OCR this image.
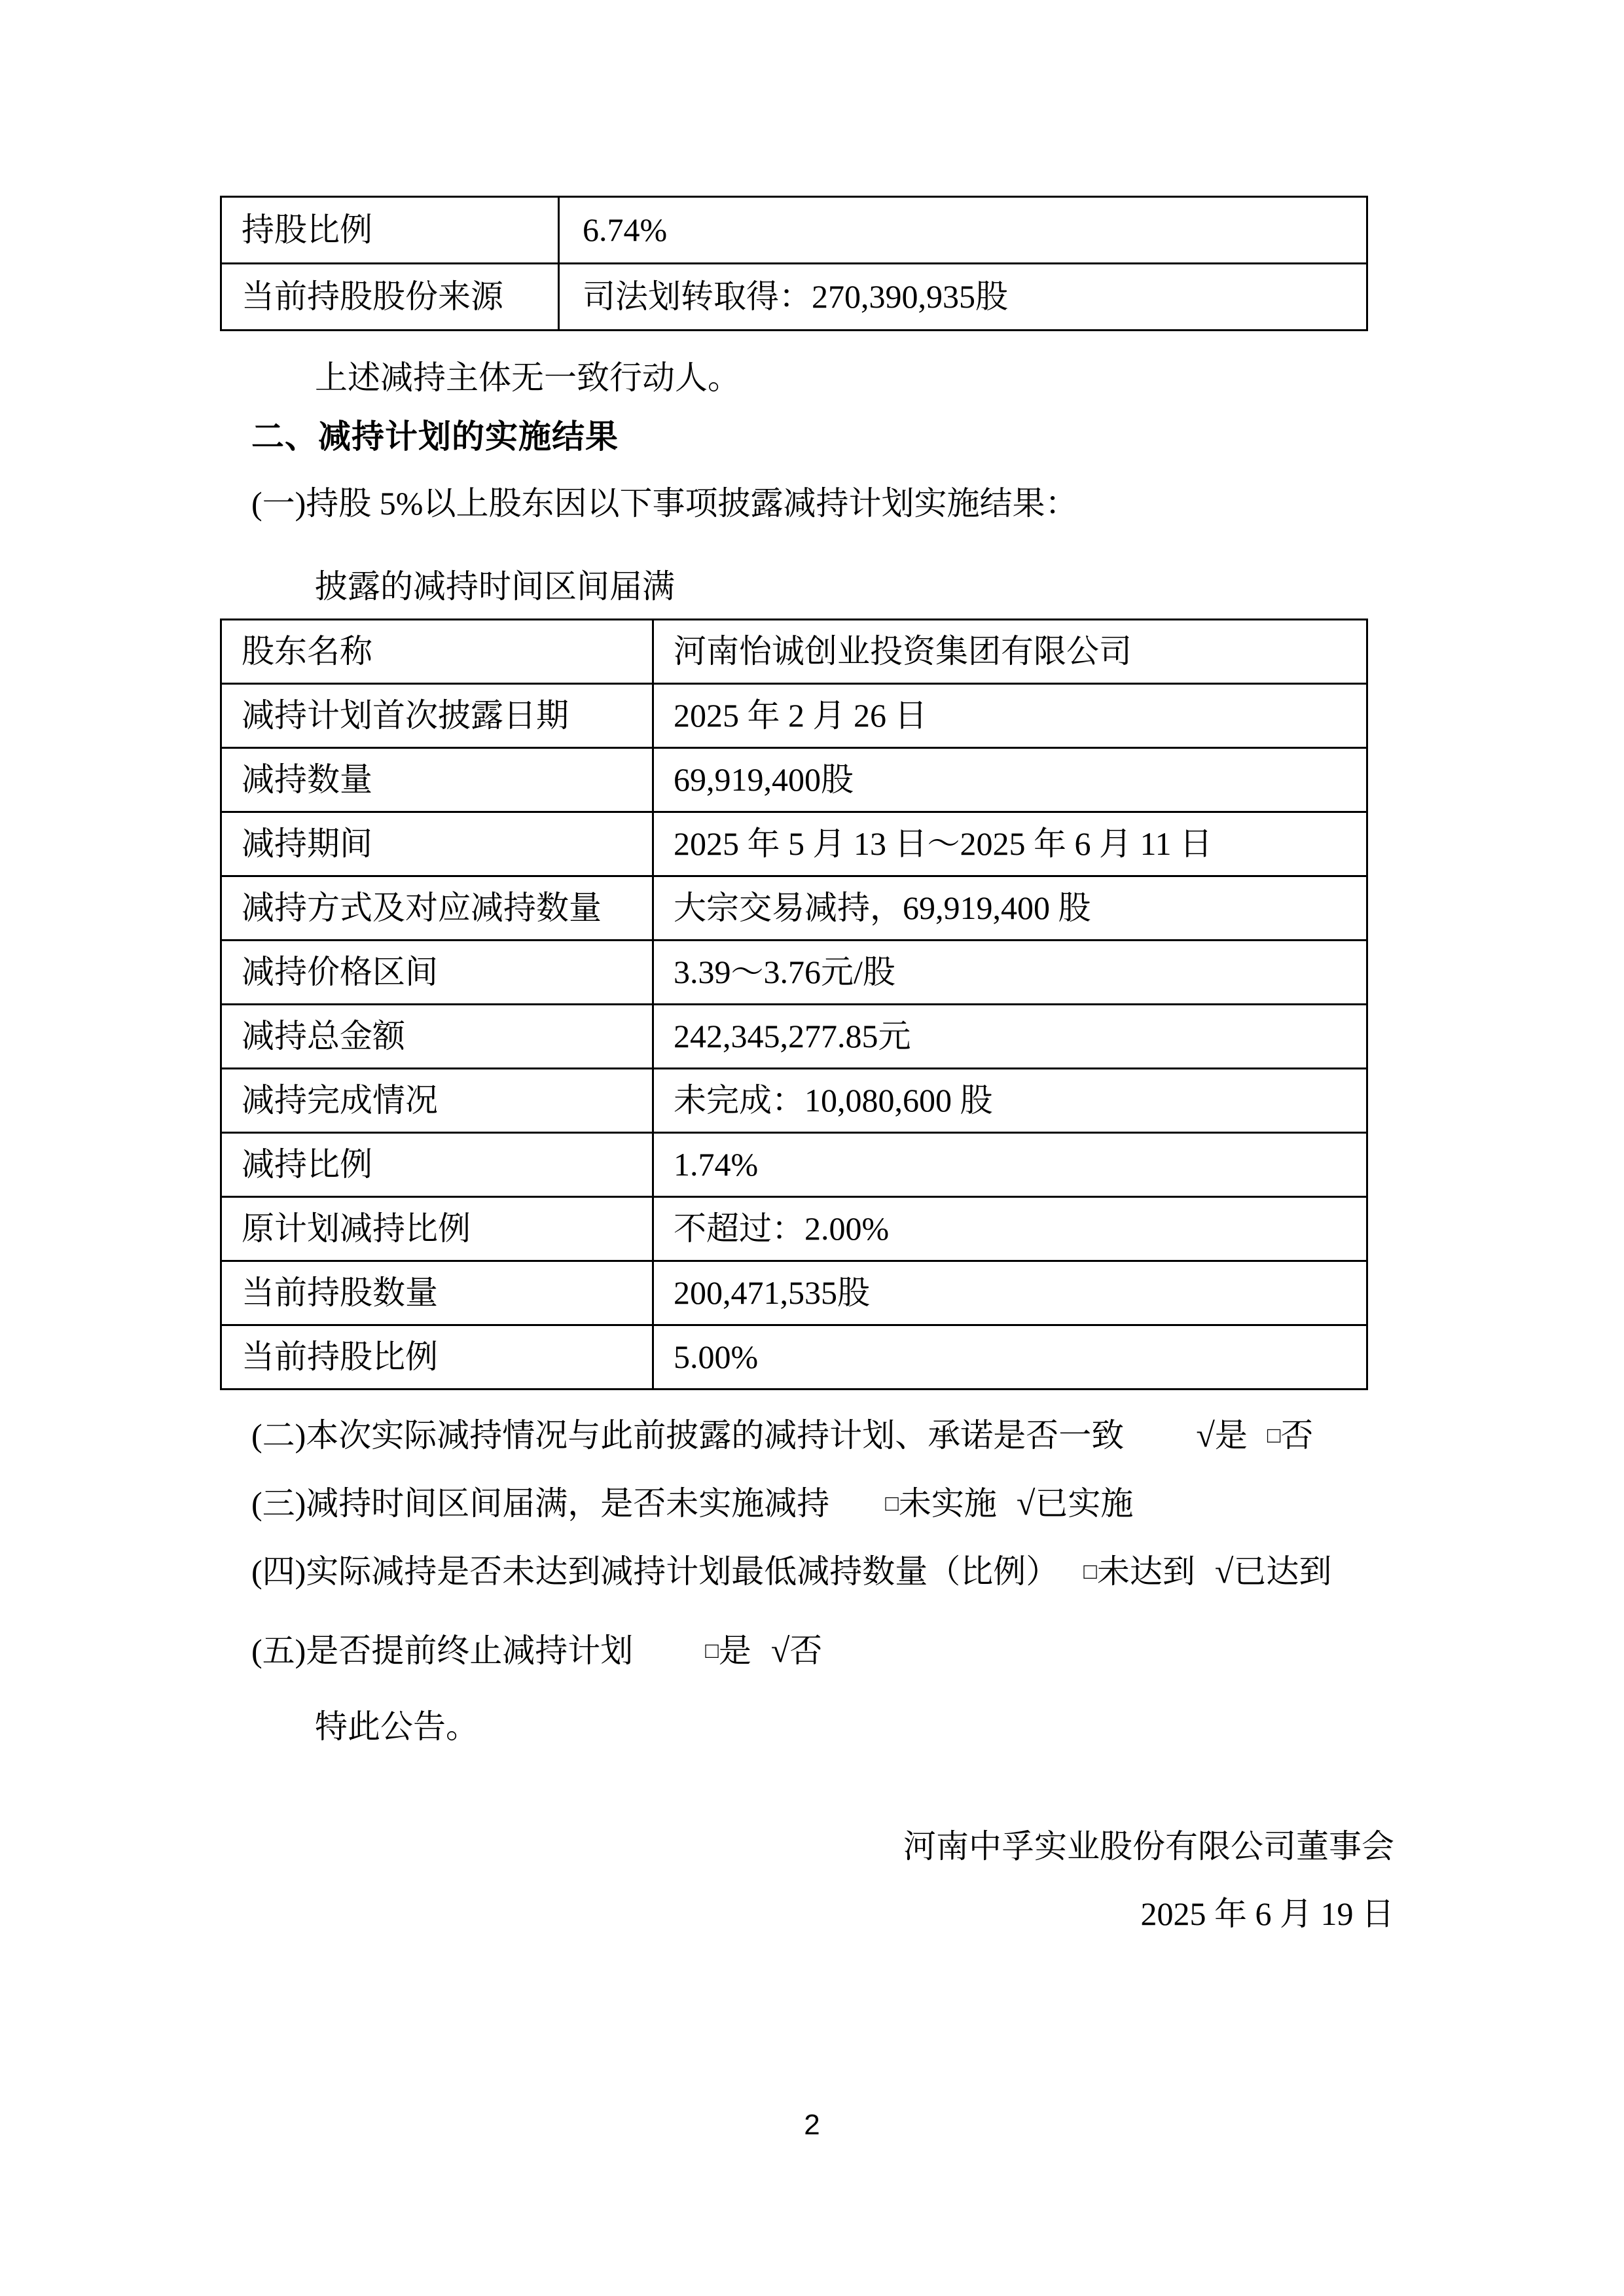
持股比例	6.74%
当前持股股份来源	司法划转取得：270,390,935股

上述减持主体无一致行动人。

二、减持计划的实施结果

(一)持股 5%以上股东因以下事项披露减持计划实施结果：

披露的减持时间区间届满

股东名称	河南怡诚创业投资集团有限公司
减持计划首次披露日期	2025 年 2 月 26 日
减持数量	69,919,400股
减持期间	2025 年 5 月 13 日～2025 年 6 月 11 日
减持方式及对应减持数量	大宗交易减持，69,919,400 股
减持价格区间	3.39～3.76元/股
减持总金额	242,345,277.85元
减持完成情况	未完成：10,080,600 股
减持比例	1.74%
原计划减持比例	不超过：2.00%
当前持股数量	200,471,535股
当前持股比例	5.00%

(二)本次实际减持情况与此前披露的减持计划、承诺是否一致 √是 □否

(三)减持时间区间届满，是否未实施减持	□未实施 √已实施

(四)实际减持是否未达到减持计划最低减持数量（比例） □未达到 √已达到

(五)是否提前终止减持计划	□是 √否

特此公告。

河南中孚实业股份有限公司董事会

2025 年 6 月 19 日

2
